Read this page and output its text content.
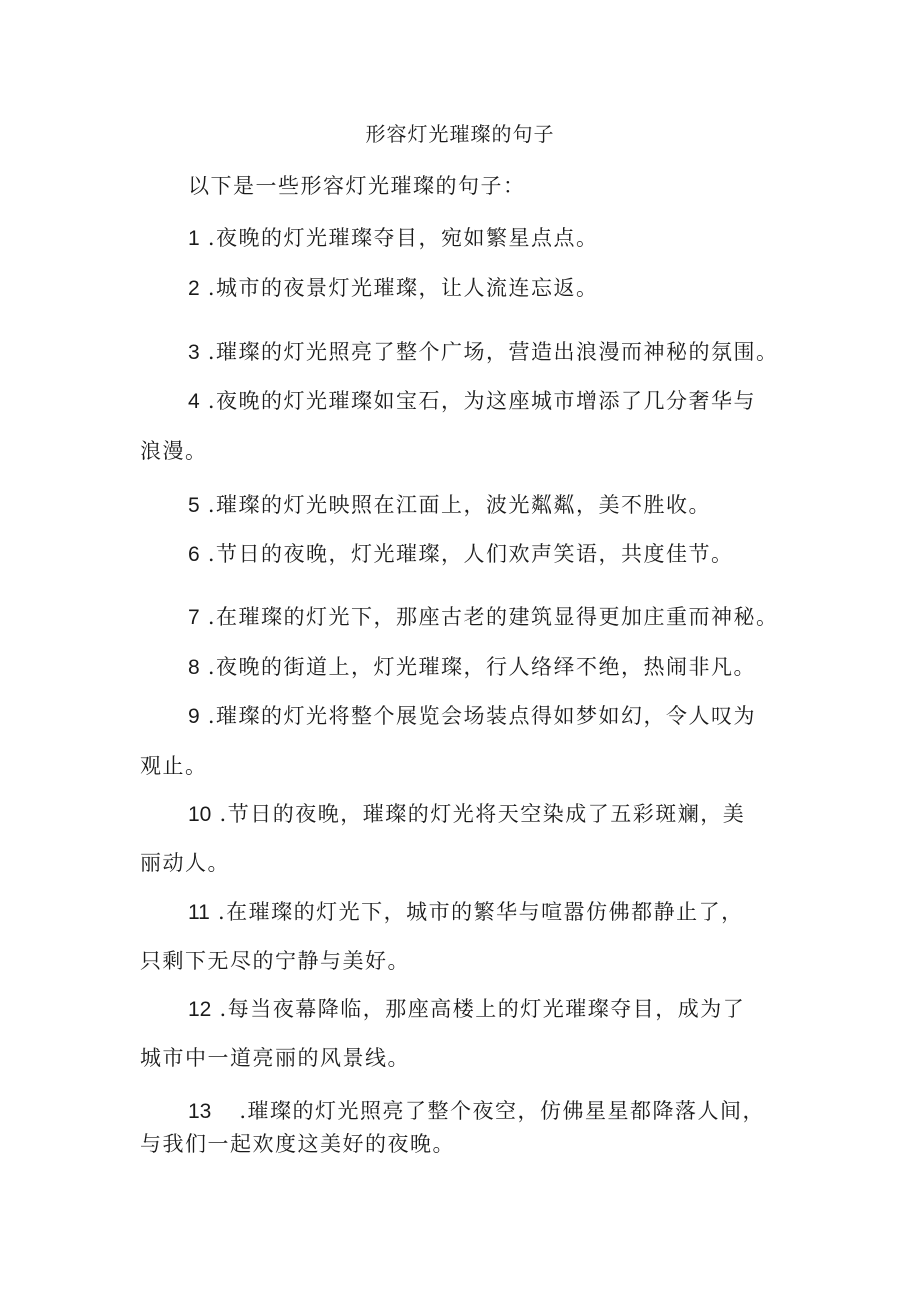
形容灯光璀璨的句子
以下是一些形容灯光璀璨的句子：
1 .夜晚的灯光璀璨夺目，宛如繁星点点。
2 .城市的夜景灯光璀璨，让人流连忘返。
3 .璀璨的灯光照亮了整个广场，营造出浪漫而神秘的氛围。
4 .夜晚的灯光璀璨如宝石，为这座城市增添了几分奢华与
浪漫。
5 .璀璨的灯光映照在江面上，波光粼粼，美不胜收。
6 .节日的夜晚，灯光璀璨，人们欢声笑语，共度佳节。
7 .在璀璨的灯光下，那座古老的建筑显得更加庄重而神秘。
8 .夜晚的街道上，灯光璀璨，行人络绎不绝，热闹非凡。
9 .璀璨的灯光将整个展览会场装点得如梦如幻，令人叹为
观止。
10 .节日的夜晚，璀璨的灯光将天空染成了五彩斑斓，美
丽动人。
11 .在璀璨的灯光下，城市的繁华与喧嚣仿佛都静止了，
只剩下无尽的宁静与美好。
12 .每当夜幕降临，那座高楼上的灯光璀璨夺目，成为了
城市中一道亮丽的风景线。
13 .璀璨的灯光照亮了整个夜空，仿佛星星都降落人间，
与我们一起欢度这美好的夜晚。
